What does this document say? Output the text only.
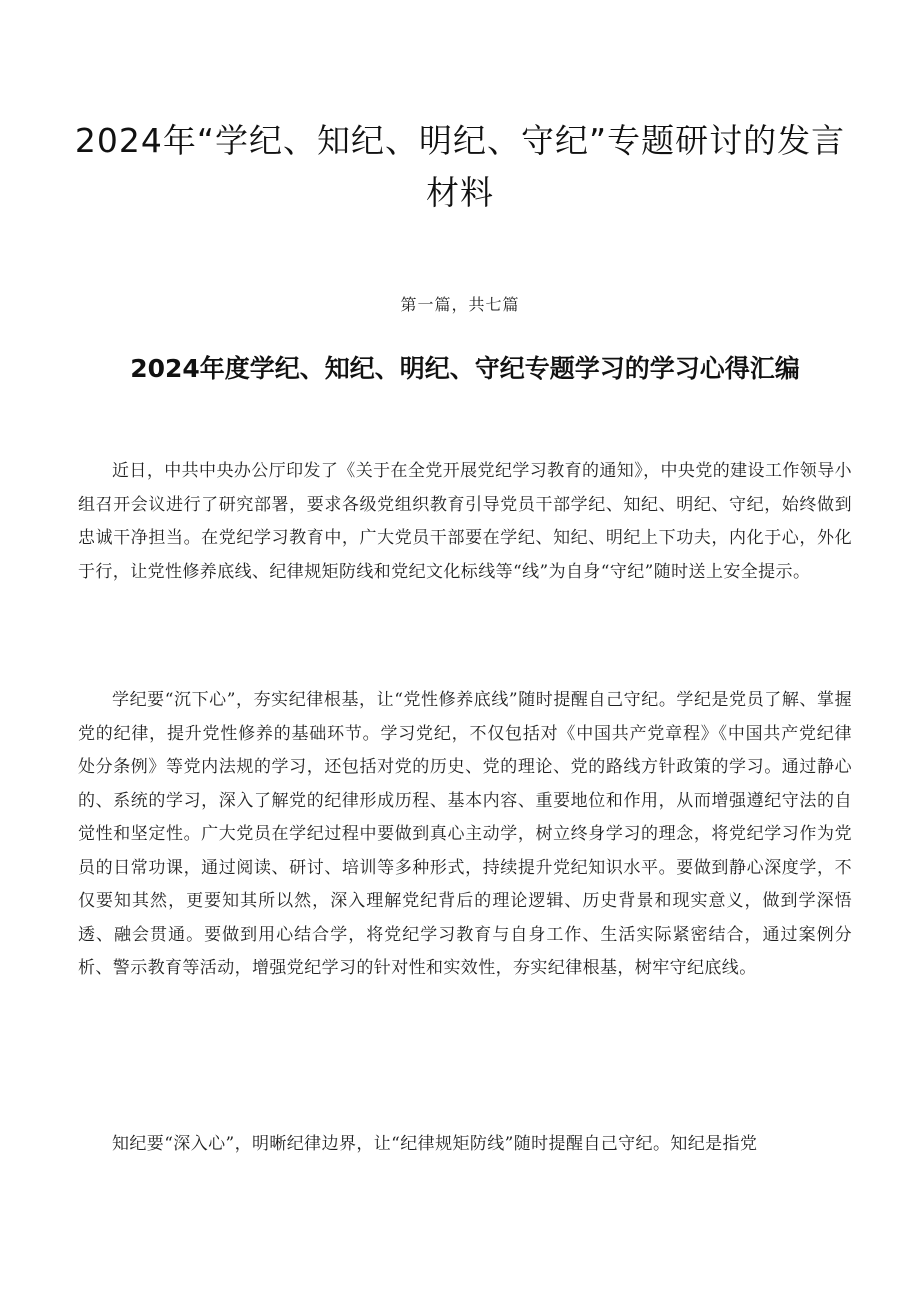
2024年“学纪、知纪、明纪、守纪”专题研讨的发言材料

第一篇，共七篇

2024年度学纪、知纪、明纪、守纪专题学习的学习心得汇编

近日，中共中央办公厅印发了《关于在全党开展党纪学习教育的通知》，中央党的建设工作领导小组召开会议进行了研究部署，要求各级党组织教育引导党员干部学纪、知纪、明纪、守纪，始终做到忠诚干净担当。在党纪学习教育中，广大党员干部要在学纪、知纪、明纪上下功夫，内化于心，外化于行，让党性修养底线、纪律规矩防线和党纪文化标线等“线”为自身“守纪”随时送上安全提示。

学纪要“沉下心”，夯实纪律根基，让“党性修养底线”随时提醒自己守纪。学纪是党员了解、掌握党的纪律，提升党性修养的基础环节。学习党纪，不仅包括对《中国共产党章程》《中国共产党纪律处分条例》等党内法规的学习，还包括对党的历史、党的理论、党的路线方针政策的学习。通过静心的、系统的学习，深入了解党的纪律形成历程、基本内容、重要地位和作用，从而增强遵纪守法的自觉性和坚定性。广大党员在学纪过程中要做到真心主动学，树立终身学习的理念，将党纪学习作为党员的日常功课，通过阅读、研讨、培训等多种形式，持续提升党纪知识水平。要做到静心深度学，不仅要知其然，更要知其所以然，深入理解党纪背后的理论逻辑、历史背景和现实意义，做到学深悟透、融会贯通。要做到用心结合学，将党纪学习教育与自身工作、生活实际紧密结合，通过案例分析、警示教育等活动，增强党纪学习的针对性和实效性，夯实纪律根基，树牢守纪底线。

知纪要“深入心”，明晰纪律边界，让“纪律规矩防线”随时提醒自己守纪。知纪是指党
